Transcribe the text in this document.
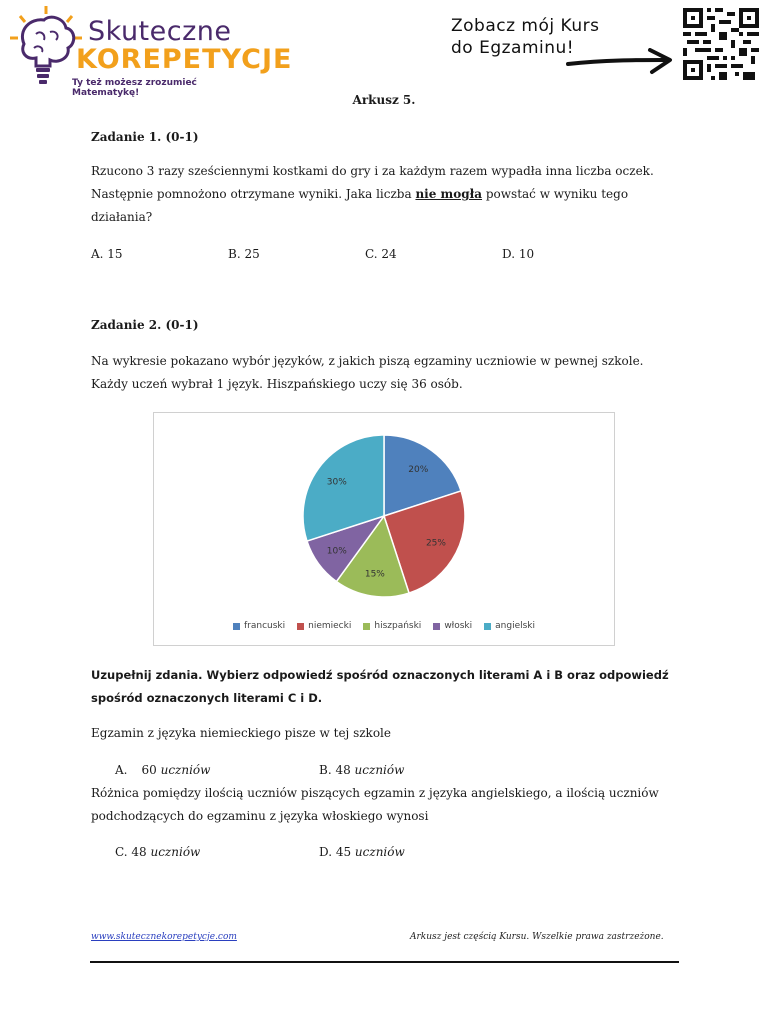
Skuteczne
KOREPETYCJE
Ty też możesz zrozumieć Matematykę!
Zobacz mój Kurs
do Egzaminu!
Arkusz 5.
Zadanie 1. (0-1)
Rzucono 3 razy sześciennymi kostkami do gry i za każdym razem wypadła inna liczba oczek.
Następnie pomnożono otrzymane wyniki. Jaka liczba nie mogła powstać w wyniku tego
działania?
A. 15	B. 25	C. 24	D. 10
Zadanie 2. (0-1)
Na wykresie pokazano wybór języków, z jakich piszą egzaminy uczniowie w pewnej szkole.
Każdy uczeń wybrał 1 język. Hiszpańskiego uczy się 36 osób.
20%
25%
15%
10%
30%
francuski	niemiecki	hiszpański	włoski	angielski
Uzupełnij zdania. Wybierz odpowiedź spośród oznaczonych literami A i B oraz odpowiedź
spośród oznaczonych literami C i D.
Egzamin z języka niemieckiego pisze w tej szkole
A. 60 uczniów	B. 48 uczniów
Różnica pomiędzy ilością uczniów piszących egzamin z języka angielskiego, a ilością uczniów
podchodzących do egzaminu z języka włoskiego wynosi
C. 48 uczniów	D. 45 uczniów
www.skutecznekorepetycje.com	Arkusz jest częścią Kursu. Wszelkie prawa zastrzeżone.
